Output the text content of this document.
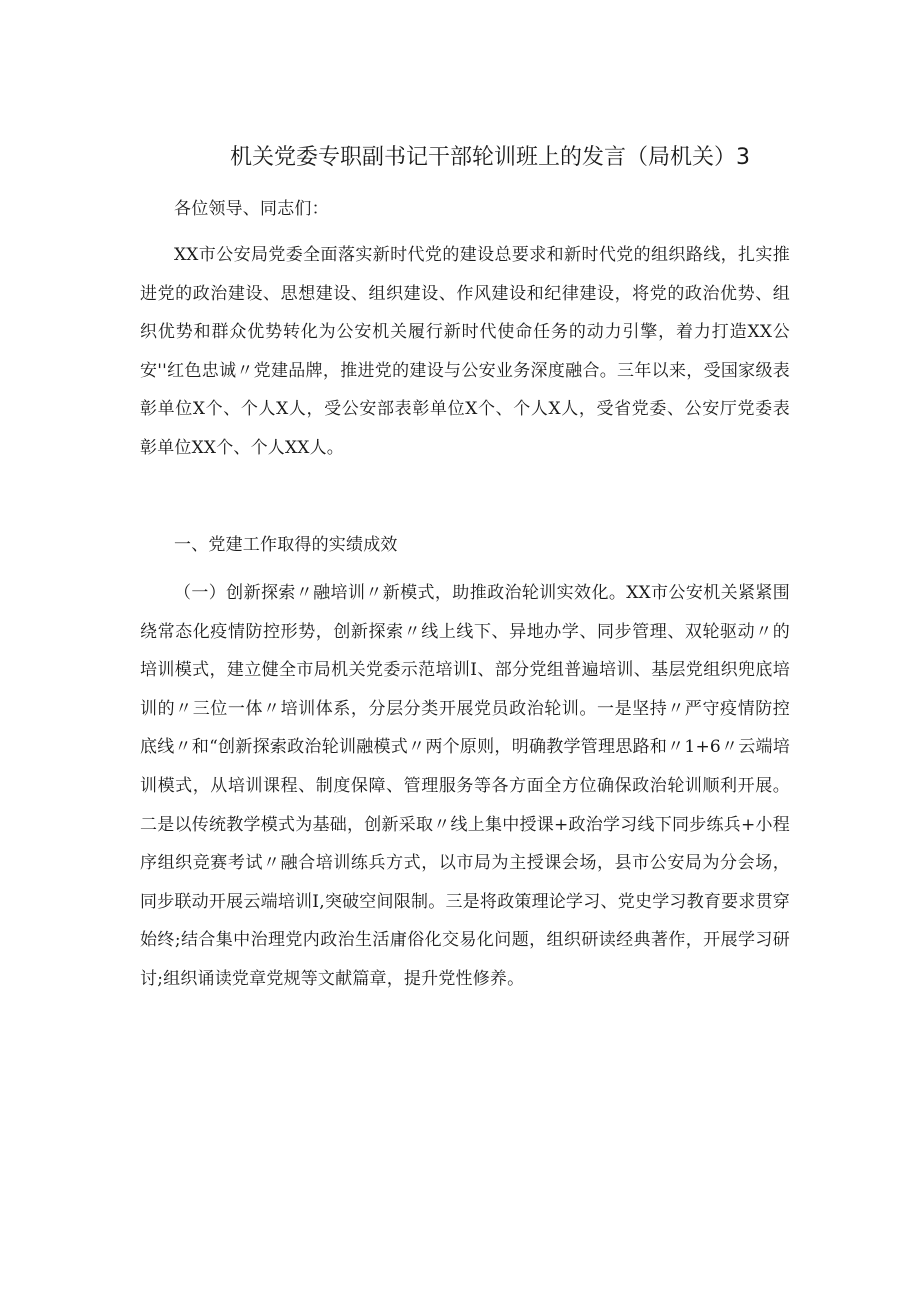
机关党委专职副书记干部轮训班上的发言（局机关）3
各位领导、同志们：
XX市公安局党委全面落实新时代党的建设总要求和新时代党的组织路线，扎实推进党的政治建设、思想建设、组织建设、作风建设和纪律建设，将党的政治优势、组织优势和群众优势转化为公安机关履行新时代使命任务的动力引擎，着力打造XX公安''红色忠诚〃党建品牌，推进党的建设与公安业务深度融合。三年以来，受国家级表彰单位X个、个人X人，受公安部表彰单位X个、个人X人，受省党委、公安厅党委表彰单位XX个、个人XX人。
一、党建工作取得的实绩成效
（一）创新探索〃融培训〃新模式，助推政治轮训实效化。XX市公安机关紧紧围绕常态化疫情防控形势，创新探索〃线上线下、异地办学、同步管理、双轮驱动〃的培训模式，建立健全市局机关党委示范培训I、部分党组普遍培训、基层党组织兜底培训的〃三位一体〃培训体系，分层分类开展党员政治轮训。一是坚持〃严守疫情防控底线〃和“创新探索政治轮训融模式〃两个原则，明确教学管理思路和〃1+6〃云端培训模式，从培训课程、制度保障、管理服务等各方面全方位确保政治轮训顺利开展。二是以传统教学模式为基础，创新采取〃线上集中授课+政治学习线下同步练兵+小程序组织竞赛考试〃融合培训练兵方式，以市局为主授课会场，县市公安局为分会场，同步联动开展云端培训I,突破空间限制。三是将政策理论学习、党史学习教育要求贯穿始终;结合集中治理党内政治生活庸俗化交易化问题，组织研读经典著作，开展学习研讨;组织诵读党章党规等文献篇章，提升党性修养。
